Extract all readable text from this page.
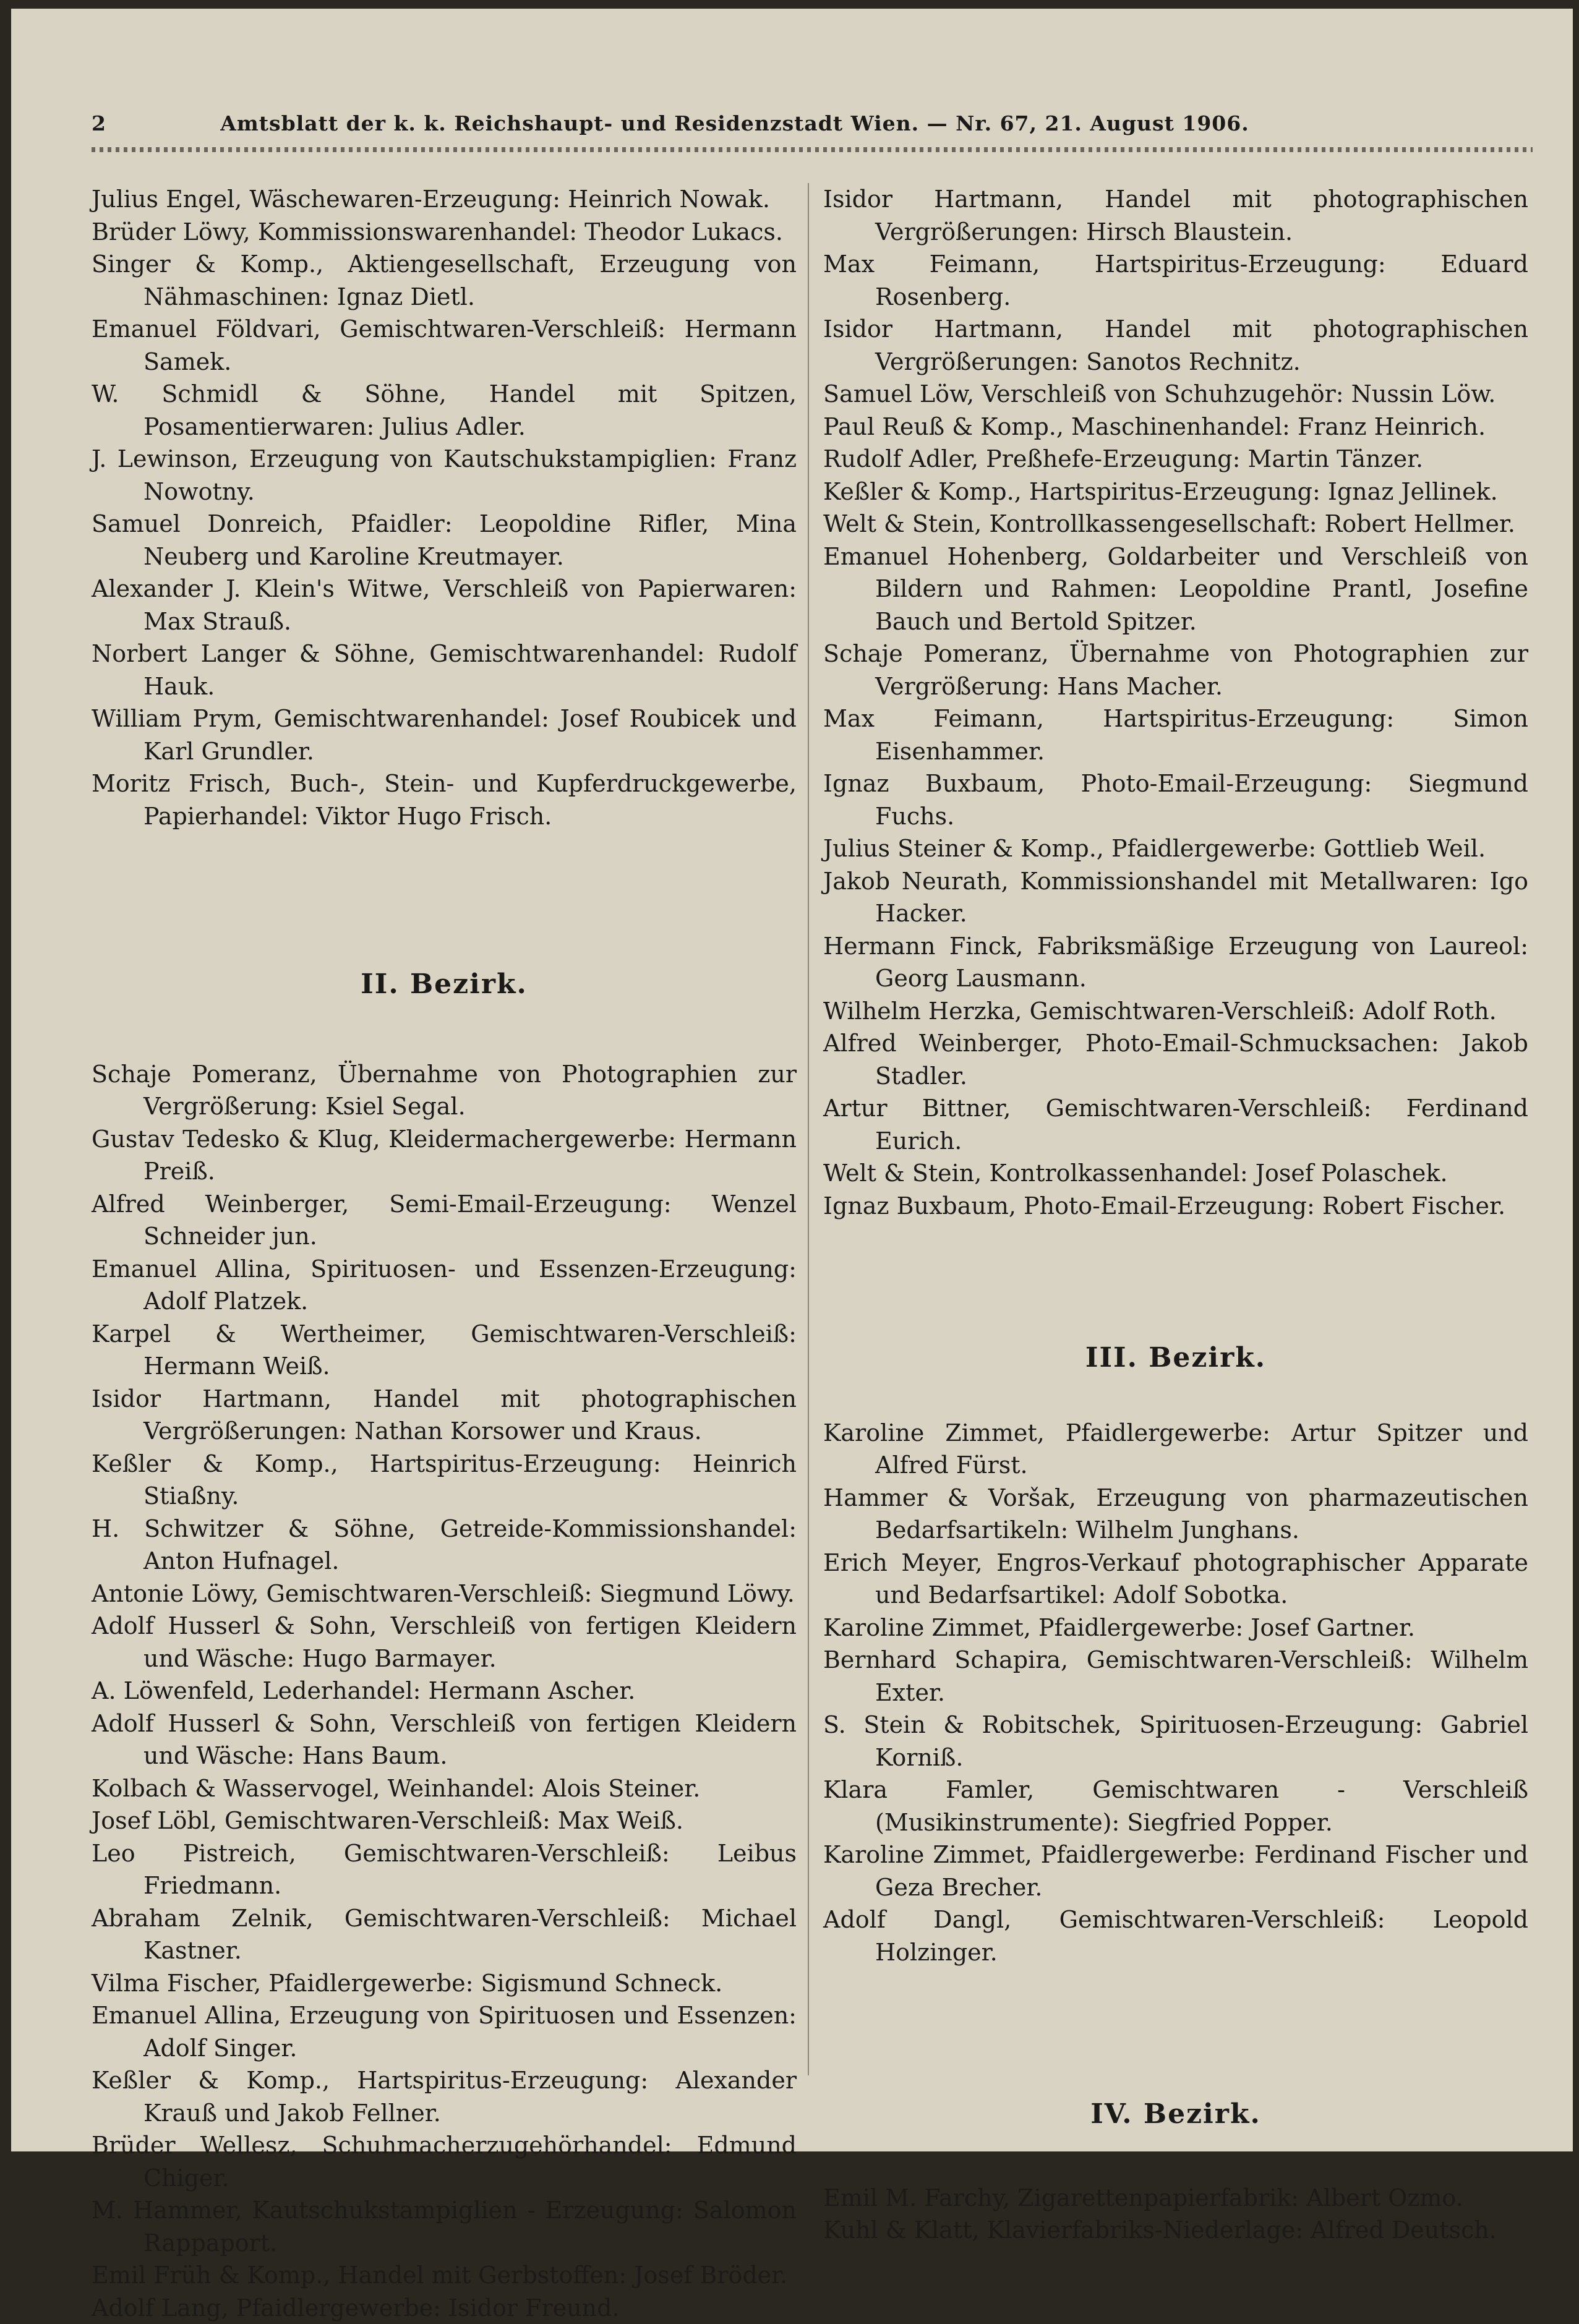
2	Amtsblatt der k. k. Reichshaupt- und Residenzstadt Wien. — Nr. 67, 21. August 1906.
Julius Engel, Wäschewaren-Erzeugung: Heinrich Nowak.
Brüder Löwy, Kommissionswarenhandel: Theodor Lukacs.
Singer & Komp., Aktiengesellschaft, Erzeugung von Nähmaschinen: Ignaz Dietl.
Emanuel Földvari, Gemischtwaren-Verschleiß: Hermann Samek.
W. Schmidl & Söhne, Handel mit Spitzen, Posamentierwaren: Julius Adler.
J. Lewinson, Erzeugung von Kautschukstampiglien: Franz Nowotny.
Samuel Donreich, Pfaidler: Leopoldine Rifler, Mina Neuberg und Karoline Kreutmayer.
Alexander J. Klein's Witwe, Verschleiß von Papierwaren: Max Strauß.
Norbert Langer & Söhne, Gemischtwarenhandel: Rudolf Hauk.
William Prym, Gemischtwarenhandel: Josef Roubicek und Karl Grundler.
Moritz Frisch, Buch-, Stein- und Kupferdruckgewerbe, Papierhandel: Viktor Hugo Frisch.
II. Bezirk.
Schaje Pomeranz, Übernahme von Photographien zur Vergrößerung: Ksiel Segal.
Gustav Tedesko & Klug, Kleidermachergewerbe: Hermann Preiß.
Alfred Weinberger, Semi-Email-Erzeugung: Wenzel Schneider jun.
Emanuel Allina, Spirituosen- und Essenzen-Erzeugung: Adolf Platzek.
Karpel & Wertheimer, Gemischtwaren-Verschleiß: Hermann Weiß.
Isidor Hartmann, Handel mit photographischen Vergrößerungen: Nathan Korsower und Kraus.
Keßler & Komp., Hartspiritus-Erzeugung: Heinrich Stiaßny.
H. Schwitzer & Söhne, Getreide-Kommissionshandel: Anton Hufnagel.
Antonie Löwy, Gemischtwaren-Verschleiß: Siegmund Löwy.
Adolf Husserl & Sohn, Verschleiß von fertigen Kleidern und Wäsche: Hugo Barmayer.
A. Löwenfeld, Lederhandel: Hermann Ascher.
Adolf Husserl & Sohn, Verschleiß von fertigen Kleidern und Wäsche: Hans Baum.
Kolbach & Wasservogel, Weinhandel: Alois Steiner.
Josef Löbl, Gemischtwaren-Verschleiß: Max Weiß.
Leo Pistreich, Gemischtwaren-Verschleiß: Leibus Friedmann.
Abraham Zelnik, Gemischtwaren-Verschleiß: Michael Kastner.
Vilma Fischer, Pfaidlergewerbe: Sigismund Schneck.
Emanuel Allina, Erzeugung von Spirituosen und Essenzen: Adolf Singer.
Keßler & Komp., Hartspiritus-Erzeugung: Alexander Krauß und Jakob Fellner.
Brüder Wellesz, Schuhmacherzugehörhandel: Edmund Chiger.
M. Hammer, Kautschukstampiglien - Erzeugung: Salomon Rappaport.
Emil Früh & Komp., Handel mit Gerbstoffen: Josef Bröder.
Adolf Lang, Pfaidlergewerbe: Isidor Freund.
Isidor Hartmann, Handel mit photographischen Vergrößerungen: Hirsch Blaustein.
Max Feimann, Hartspiritus-Erzeugung: Eduard Rosenberg.
Isidor Hartmann, Handel mit photographischen Vergrößerungen: Sanotos Rechnitz.
Samuel Löw, Verschleiß von Schuhzugehör: Nussin Löw.
Paul Reuß & Komp., Maschinenhandel: Franz Heinrich.
Rudolf Adler, Preßhefe-Erzeugung: Martin Tänzer.
Keßler & Komp., Hartspiritus-Erzeugung: Ignaz Jellinek.
Welt & Stein, Kontrollkassengesellschaft: Robert Hellmer.
Emanuel Hohenberg, Goldarbeiter und Verschleiß von Bildern und Rahmen: Leopoldine Prantl, Josefine Bauch und Bertold Spitzer.
Schaje Pomeranz, Übernahme von Photographien zur Vergrößerung: Hans Macher.
Max Feimann, Hartspiritus-Erzeugung: Simon Eisenhammer.
Ignaz Buxbaum, Photo-Email-Erzeugung: Siegmund Fuchs.
Julius Steiner & Komp., Pfaidlergewerbe: Gottlieb Weil.
Jakob Neurath, Kommissionshandel mit Metallwaren: Igo Hacker.
Hermann Finck, Fabriksmäßige Erzeugung von Laureol: Georg Lausmann.
Wilhelm Herzka, Gemischtwaren-Verschleiß: Adolf Roth.
Alfred Weinberger, Photo-Email-Schmucksachen: Jakob Stadler.
Artur Bittner, Gemischtwaren-Verschleiß: Ferdinand Eurich.
Welt & Stein, Kontrolkassenhandel: Josef Polaschek.
Ignaz Buxbaum, Photo-Email-Erzeugung: Robert Fischer.
III. Bezirk.
Karoline Zimmet, Pfaidlergewerbe: Artur Spitzer und Alfred Fürst.
Hammer & Voršak, Erzeugung von pharmazeutischen Bedarfsartikeln: Wilhelm Junghans.
Erich Meyer, Engros-Verkauf photographischer Apparate und Bedarfsartikel: Adolf Sobotka.
Karoline Zimmet, Pfaidlergewerbe: Josef Gartner.
Bernhard Schapira, Gemischtwaren-Verschleiß: Wilhelm Exter.
S. Stein & Robitschek, Spirituosen-Erzeugung: Gabriel Korniß.
Klara Famler, Gemischtwaren - Verschleiß (Musikinstrumente): Siegfried Popper.
Karoline Zimmet, Pfaidlergewerbe: Ferdinand Fischer und Geza Brecher.
Adolf Dangl, Gemischtwaren-Verschleiß: Leopold Holzinger.
IV. Bezirk.
Emil M. Farchy, Zigarettenpapierfabrik: Albert Ozmo.
Kuhl & Klatt, Klavierfabriks-Niederlage: Alfred Deutsch.
